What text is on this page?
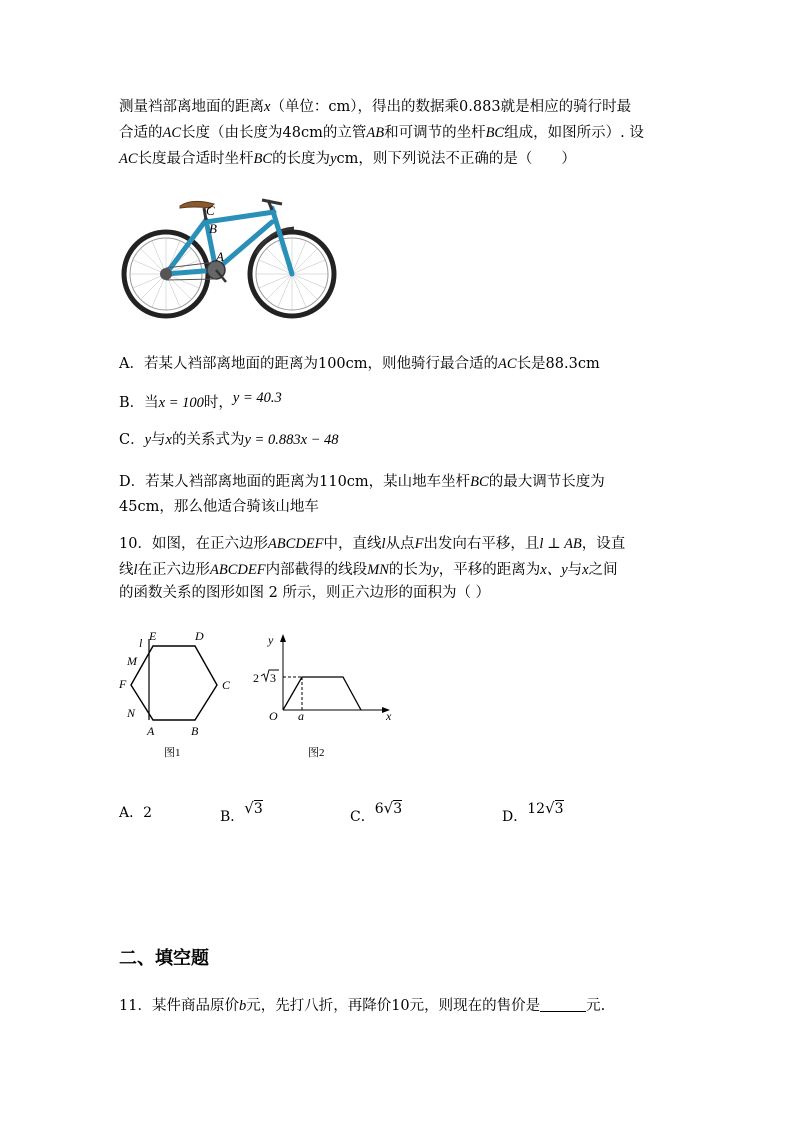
测量裆部离地面的距离x（单位：cm），得出的数据乘0.883就是相应的骑行时最
合适的AC长度（由长度为48cm的立管AB和可调节的坐杆BC组成，如图所示）. 设
AC长度最合适时坐杆BC的长度为ycm，则下列说法不正确的是（　　）
C
B
A
A．若某人裆部离地面的距离为100cm，则他骑行最合适的AC长是88.3cm
B．当x = 100时，y = 40.3
C．y与x的关系式为y = 0.883x − 48
D．若某人裆部离地面的距离为110cm，某山地车坐杆BC的最大调节长度为
45cm，那么他适合骑该山地车
10．如图，在正六边形ABCDEF中，直线l从点F出发向右平移，且l ⊥ AB，设直
线l在正六边形ABCDEF内部截得的线段MN的长为y，平移的距离为x、y与x之间
的函数关系的图形如图 2 所示，则正六边形的面积为（ ）
E	D
l
M
F	C
N
A	B
图1
y
2 3
O a	x
图2
A．2	B．√3	C．6√3	D．12√3
二、填空题
11．某件商品原价b元，先打八折，再降价10元，则现在的售价是	元.
